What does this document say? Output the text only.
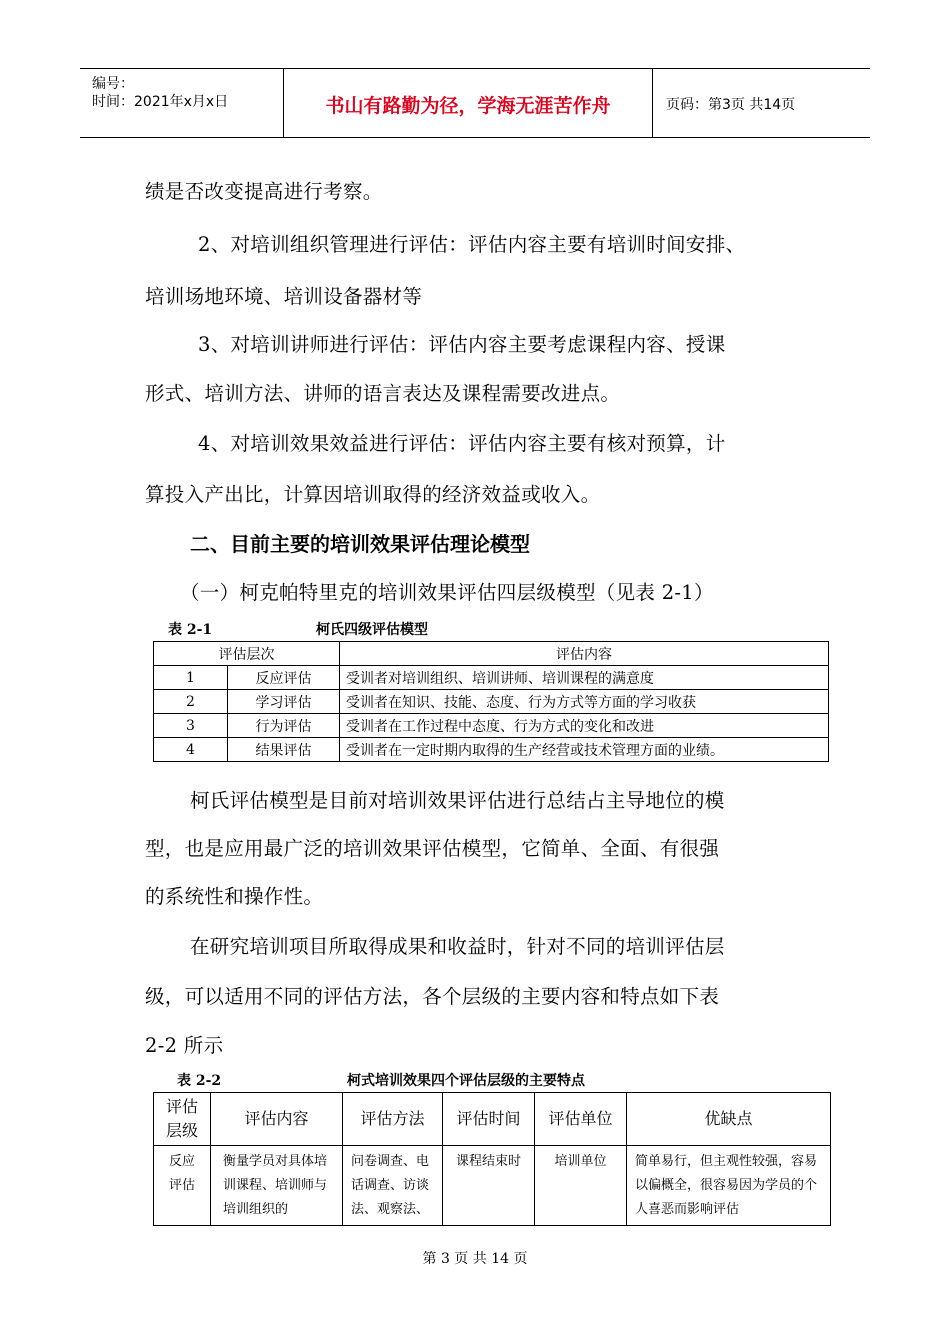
编号：
时间：2021年x月x日	书山有路勤为径，学海无涯苦作舟	页码：第3页 共14页
绩是否改变提高进行考察。
2、对培训组织管理进行评估：评估内容主要有培训时间安排、
培训场地环境、培训设备器材等
3、对培训讲师进行评估：评估内容主要考虑课程内容、授课
形式、培训方法、讲师的语言表达及课程需要改进点。
4、对培训效果效益进行评估：评估内容主要有核对预算，计
算投入产出比，计算因培训取得的经济效益或收入。
二、目前主要的培训效果评估理论模型
（一）柯克帕特里克的培训效果评估四层级模型（见表 2-1）
表 2-1	柯氏四级评估模型
评估层次		评估内容
1	反应评估	受训者对培训组织、培训讲师、培训课程的满意度
2	学习评估	受训者在知识、技能、态度、行为方式等方面的学习收获
3	行为评估	受训者在工作过程中态度、行为方式的变化和改进
4	结果评估	受训者在一定时期内取得的生产经营或技术管理方面的业绩。
柯氏评估模型是目前对培训效果评估进行总结占主导地位的模
型，也是应用最广泛的培训效果评估模型，它简单、全面、有很强
的系统性和操作性。
在研究培训项目所取得成果和收益时，针对不同的培训评估层
级，可以适用不同的评估方法，各个层级的主要内容和特点如下表
2-2 所示
表 2-2	柯式培训效果四个评估层级的主要特点
评估层级	评估内容	评估方法	评估时间	评估单位	优缺点
反应评估	衡量学员对具体培训课程、培训师与培训组织的	问卷调查、电话调查、访谈法、观察法、	课程结束时	培训单位	简单易行，但主观性较强，容易以偏概全，很容易因为学员的个人喜恶而影响评估
第 3 页 共 14 页
